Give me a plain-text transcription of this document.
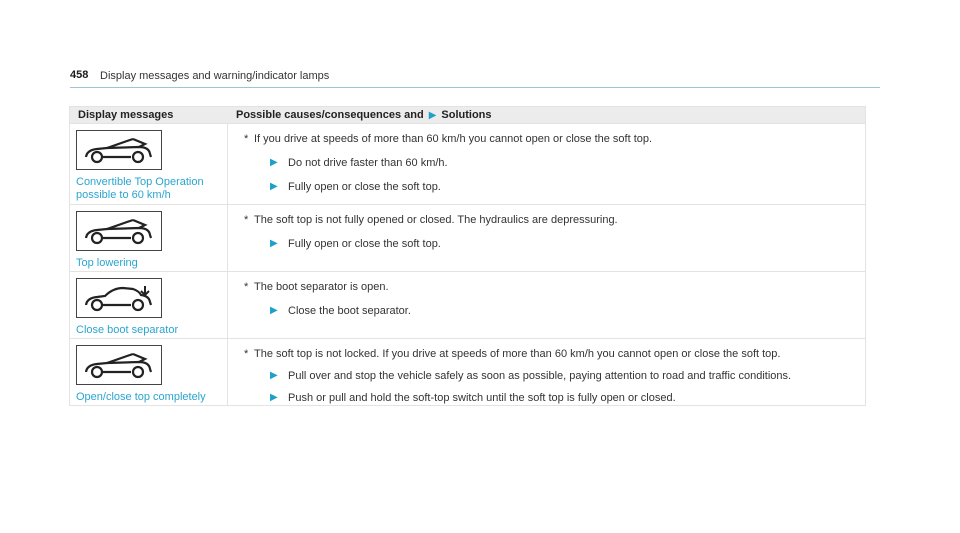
458 Display messages and warning/indicator lamps
Display messages	Possible causes/consequences and ▶ Solutions
Convertible Top Operation possible to 60 km/h
* If you drive at speeds of more than 60 km/h you cannot open or close the soft top.
▶ Do not drive faster than 60 km/h.
▶ Fully open or close the soft top.
Top lowering
* The soft top is not fully opened or closed. The hydraulics are depressuring.
▶ Fully open or close the soft top.
Close boot separator
* The boot separator is open.
▶ Close the boot separator.
Open/close top completely
* The soft top is not locked. If you drive at speeds of more than 60 km/h you cannot open or close the soft top.
▶ Pull over and stop the vehicle safely as soon as possible, paying attention to road and traffic conditions.
▶ Push or pull and hold the soft-top switch until the soft top is fully open or closed.
